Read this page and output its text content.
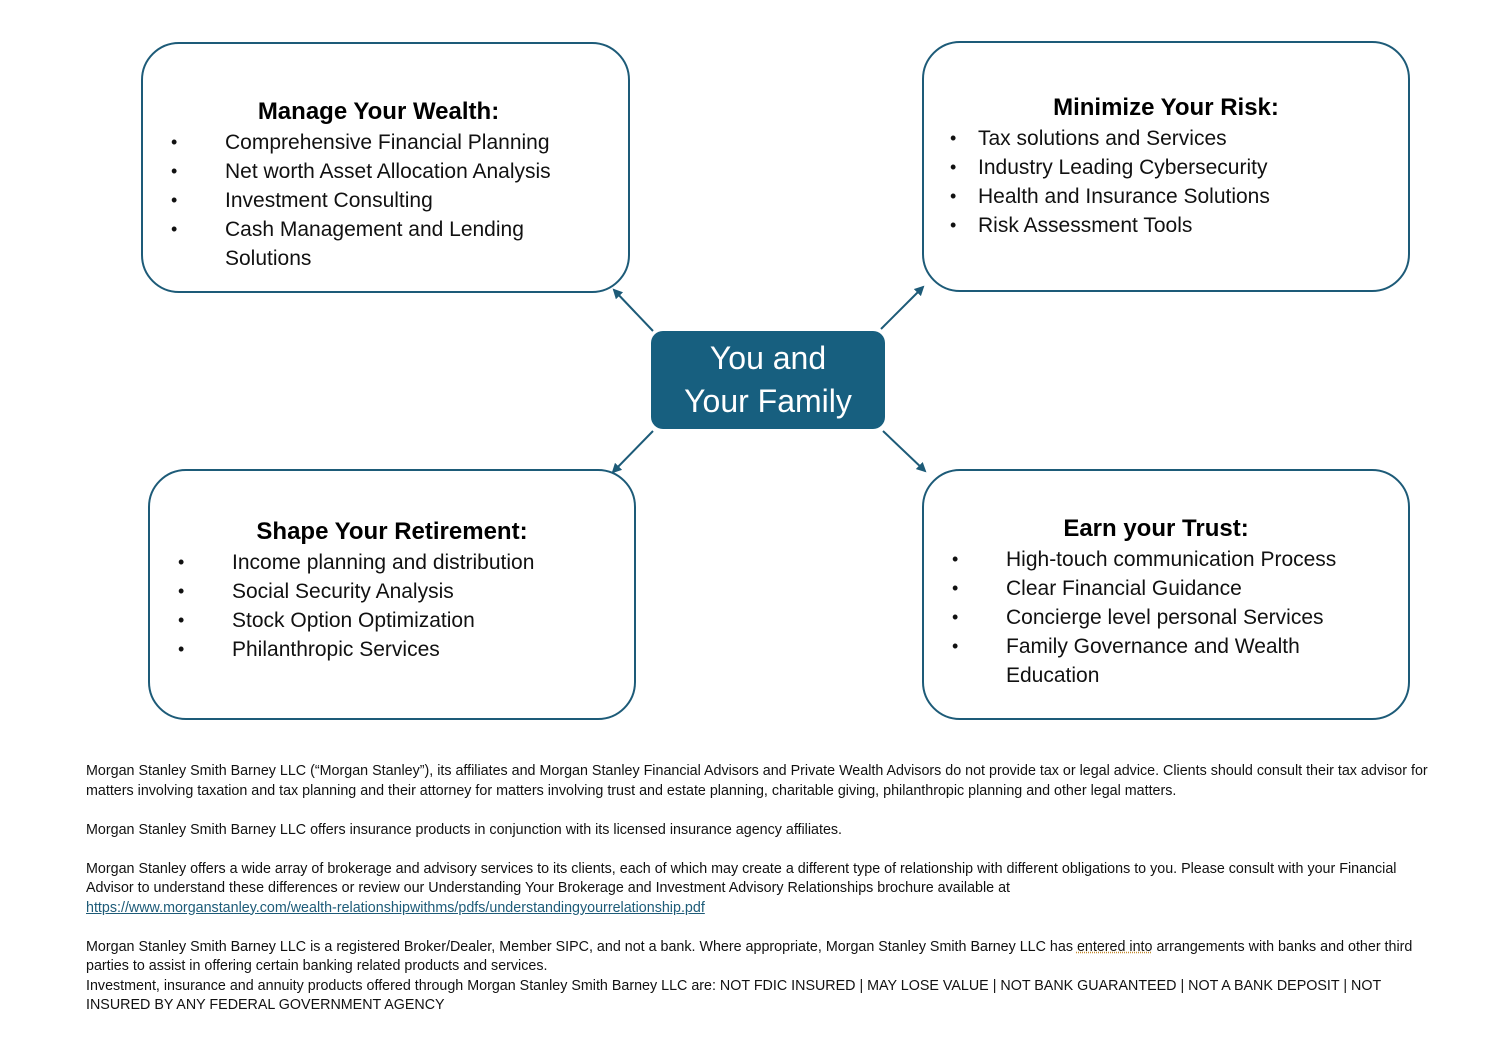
Manage Your Wealth:
• Comprehensive Financial Planning
• Net worth Asset Allocation Analysis
• Investment Consulting
• Cash Management and Lending Solutions
Minimize Your Risk:
• Tax solutions and Services
• Industry Leading Cybersecurity
• Health and Insurance Solutions
• Risk Assessment Tools
You and
Your Family
Shape Your Retirement:
• Income planning and distribution
• Social Security Analysis
• Stock Option Optimization
• Philanthropic Services
Earn your Trust:
• High-touch communication Process
• Clear Financial Guidance
• Concierge level personal Services
• Family Governance and Wealth Education

Morgan Stanley Smith Barney LLC (“Morgan Stanley”), its affiliates and Morgan Stanley Financial Advisors and Private Wealth Advisors do not provide tax or legal advice. Clients should consult their tax advisor for matters involving taxation and tax planning and their attorney for matters involving trust and estate planning, charitable giving, philanthropic planning and other legal matters.

Morgan Stanley Smith Barney LLC offers insurance products in conjunction with its licensed insurance agency affiliates.

Morgan Stanley offers a wide array of brokerage and advisory services to its clients, each of which may create a different type of relationship with different obligations to you. Please consult with your Financial Advisor to understand these differences or review our Understanding Your Brokerage and Investment Advisory Relationships brochure available at
https://www.morganstanley.com/wealth-relationshipwithms/pdfs/understandingyourrelationship.pdf

Morgan Stanley Smith Barney LLC is a registered Broker/Dealer, Member SIPC, and not a bank. Where appropriate, Morgan Stanley Smith Barney LLC has entered into arrangements with banks and other third parties to assist in offering certain banking related products and services.

Investment, insurance and annuity products offered through Morgan Stanley Smith Barney LLC are: NOT FDIC INSURED | MAY LOSE VALUE | NOT BANK GUARANTEED | NOT A BANK DEPOSIT | NOT INSURED BY ANY FEDERAL GOVERNMENT AGENCY
